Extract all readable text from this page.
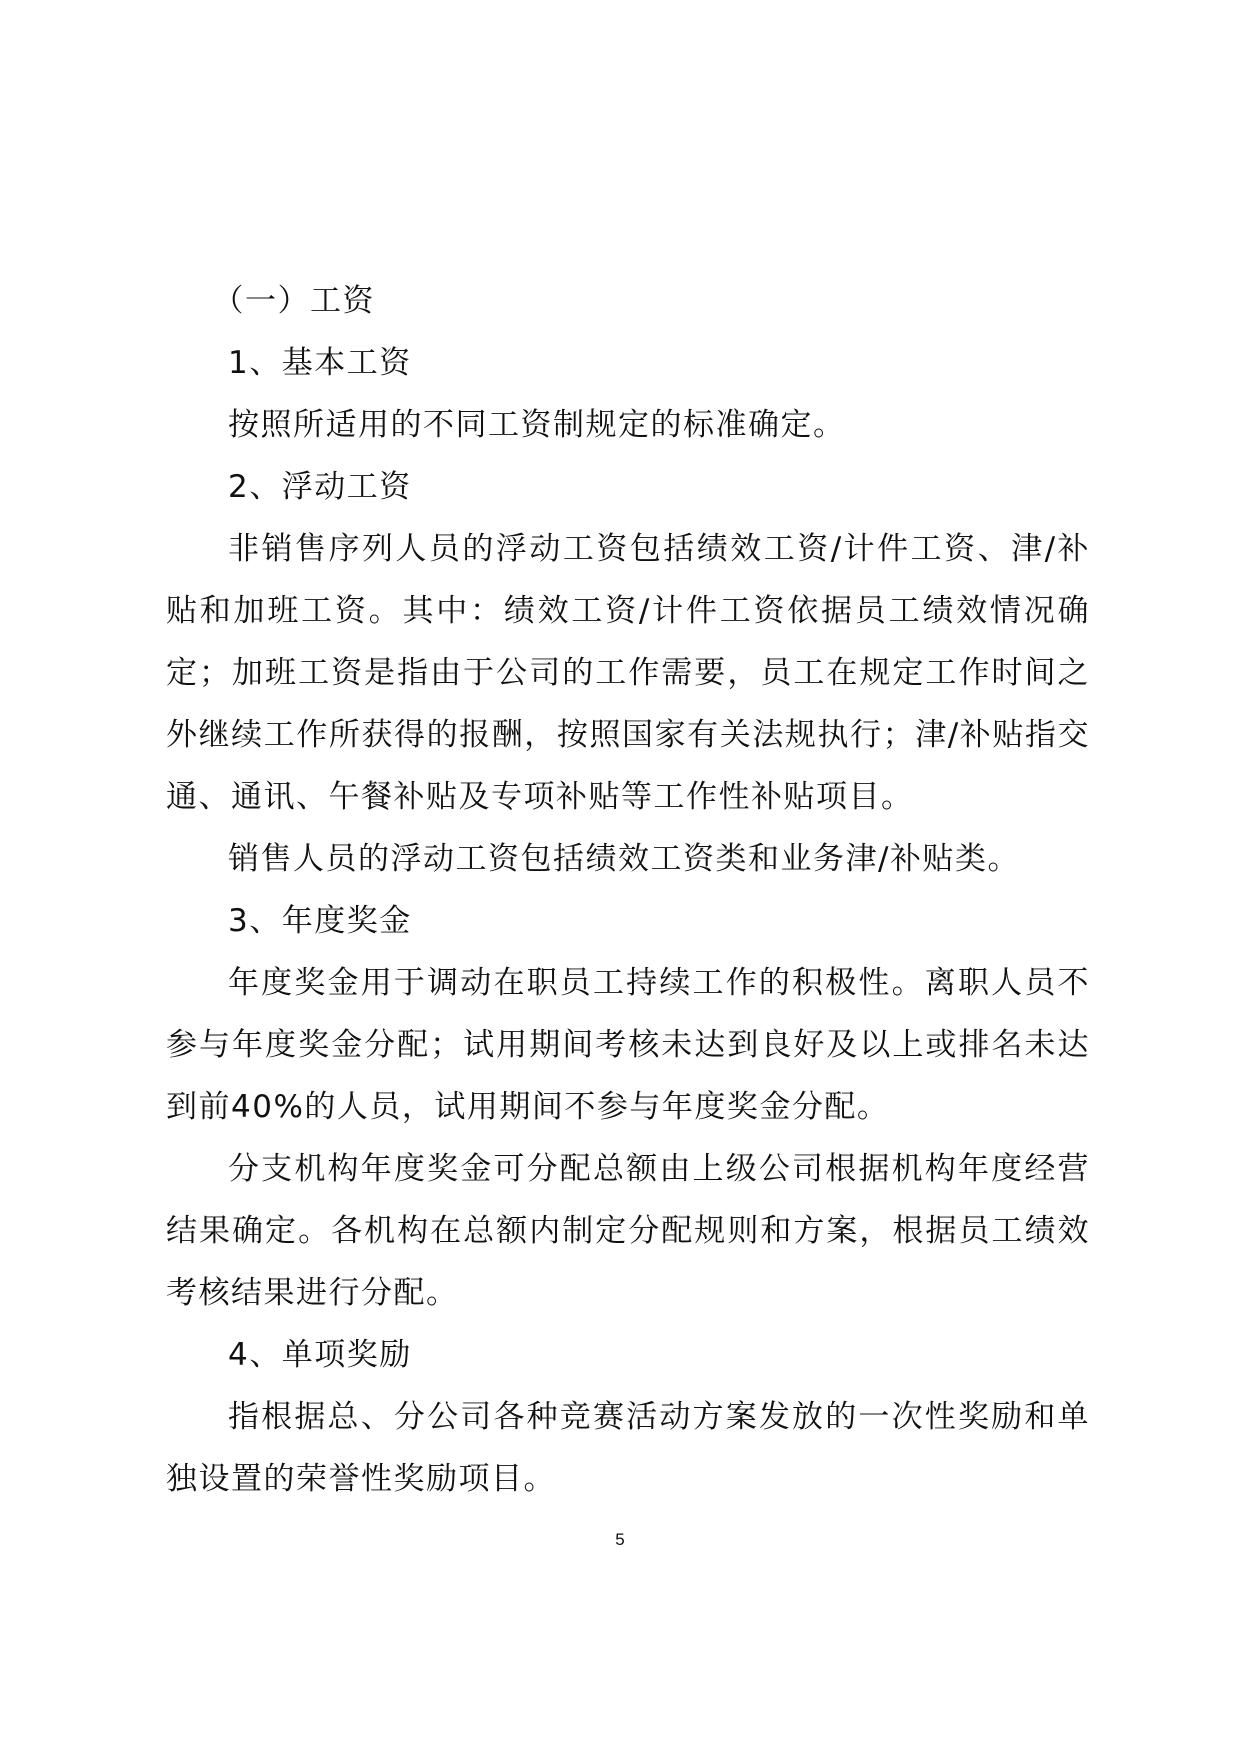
（一）工资

1、基本工资

按照所适用的不同工资制规定的标准确定。

2、浮动工资

非销售序列人员的浮动工资包括绩效工资/计件工资、津/补贴和加班工资。其中：绩效工资/计件工资依据员工绩效情况确定；加班工资是指由于公司的工作需要，员工在规定工作时间之外继续工作所获得的报酬，按照国家有关法规执行；津/补贴指交通、通讯、午餐补贴及专项补贴等工作性补贴项目。

销售人员的浮动工资包括绩效工资类和业务津/补贴类。

3、年度奖金

年度奖金用于调动在职员工持续工作的积极性。离职人员不参与年度奖金分配；试用期间考核未达到良好及以上或排名未达到前40%的人员，试用期间不参与年度奖金分配。

分支机构年度奖金可分配总额由上级公司根据机构年度经营结果确定。各机构在总额内制定分配规则和方案，根据员工绩效考核结果进行分配。

4、单项奖励

指根据总、分公司各种竞赛活动方案发放的一次性奖励和单独设置的荣誉性奖励项目。

5
